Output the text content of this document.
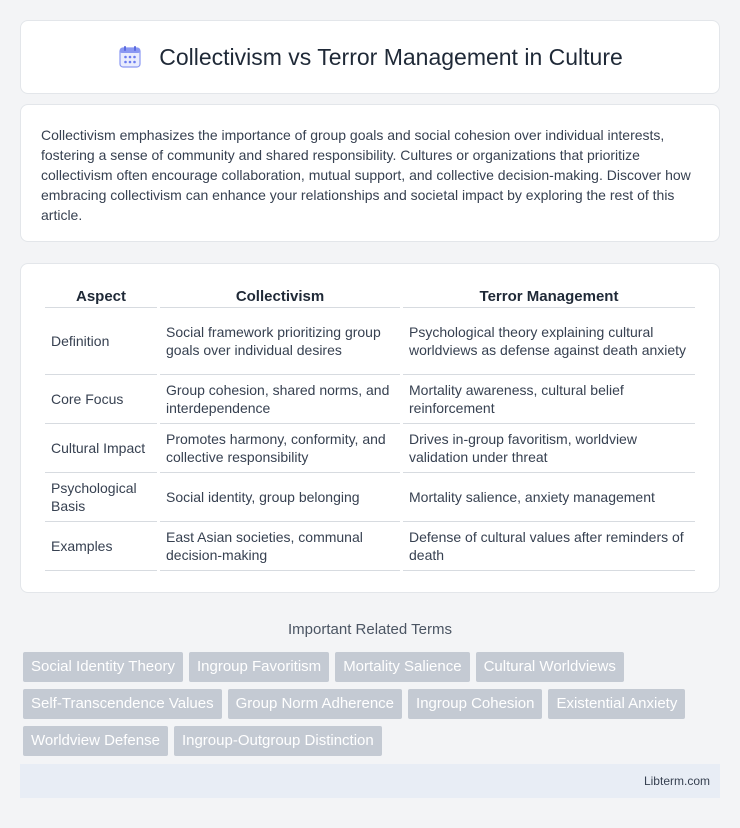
Collectivism vs Terror Management in Culture

Collectivism emphasizes the importance of group goals and social cohesion over individual interests, fostering a sense of community and shared responsibility. Cultures or organizations that prioritize collectivism often encourage collaboration, mutual support, and collective decision-making. Discover how embracing collectivism can enhance your relationships and societal impact by exploring the rest of this article.

Aspect	Collectivism	Terror Management
Definition	Social framework prioritizing group goals over individual desires	Psychological theory explaining cultural worldviews as defense against death anxiety
Core Focus	Group cohesion, shared norms, and interdependence	Mortality awareness, cultural belief reinforcement
Cultural Impact	Promotes harmony, conformity, and collective responsibility	Drives in-group favoritism, worldview validation under threat
Psychological Basis	Social identity, group belonging	Mortality salience, anxiety management
Examples	East Asian societies, communal decision-making	Defense of cultural values after reminders of death
Important Related Terms
Social Identity Theory	Ingroup Favoritism	Mortality Salience	Cultural Worldviews
Self-Transcendence Values	Group Norm Adherence	Ingroup Cohesion	Existential Anxiety
Worldview Defense	Ingroup-Outgroup Distinction
Libterm.com
